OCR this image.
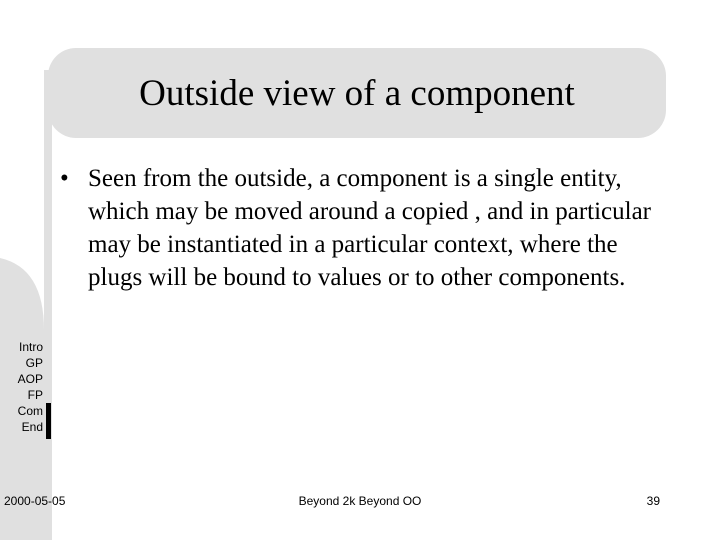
Outside view of a component
• Seen from the outside, a component is a single entity, which may be moved around a copied , and in particular may be instantiated in a particular context, where the plugs will be bound to values or to other components.
Intro
GP
AOP
FP
Com
End
2000-05-05	Beyond 2k Beyond OO	39
